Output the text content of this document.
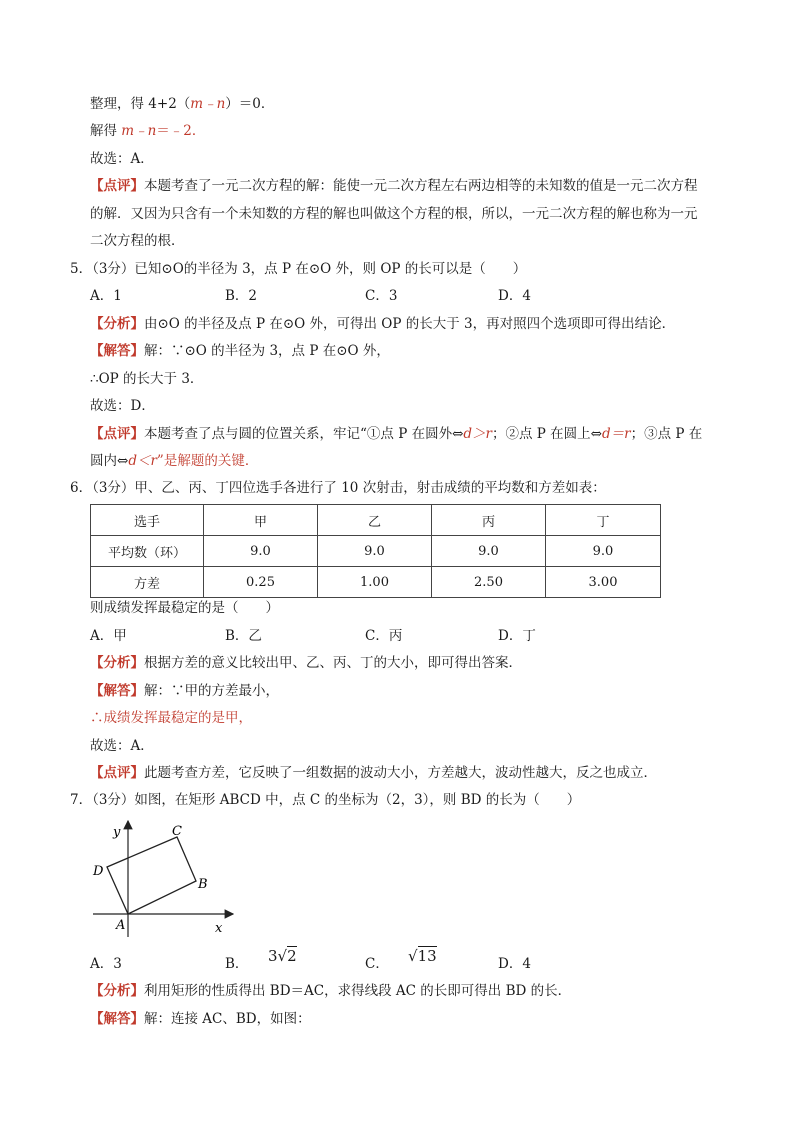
整理，得 4+2（m﹣n）＝0．
解得 m﹣n＝﹣2．
故选：A．
【点评】本题考查了一元二次方程的解：能使一元二次方程左右两边相等的未知数的值是一元二次方程
的解．又因为只含有一个未知数的方程的解也叫做这个方程的根，所以，一元二次方程的解也称为一元
二次方程的根．
5．（3分）已知⊙O的半径为 3，点 P 在⊙O 外，则 OP 的长可以是（　　）
A．1	B．2	C．3	D．4
【分析】由⊙O 的半径及点 P 在⊙O 外，可得出 OP 的长大于 3，再对照四个选项即可得出结论．
【解答】解：∵⊙O 的半径为 3，点 P 在⊙O 外，
∴OP 的长大于 3．
故选：D．
【点评】本题考查了点与圆的位置关系，牢记“①点 P 在圆外⇔d＞r；②点 P 在圆上⇔d＝r；③点 P 在
圆内⇔d＜r”是解题的关键．
6．（3分）甲、乙、丙、丁四位选手各进行了 10 次射击，射击成绩的平均数和方差如表：
选手	甲	乙	丙	丁
平均数（环）	9.0	9.0	9.0	9.0
方差	0.25	1.00	2.50	3.00
则成绩发挥最稳定的是（　　）
A．甲	B．乙	C．丙	D．丁
【分析】根据方差的意义比较出甲、乙、丙、丁的大小，即可得出答案．
【解答】解：∵甲的方差最小，
∴成绩发挥最稳定的是甲，
故选：A．
【点评】此题考查方差，它反映了一组数据的波动大小，方差越大，波动性越大，反之也成立．
7．（3分）如图，在矩形 ABCD 中，点 C 的坐标为（2，3），则 BD 的长为（　　）
y
x
A
B
C
D
A．3	B． 3√2	C． √13	D．4
【分析】利用矩形的性质得出 BD＝AC，求得线段 AC 的长即可得出 BD 的长．
【解答】解：连接 AC、BD，如图：
